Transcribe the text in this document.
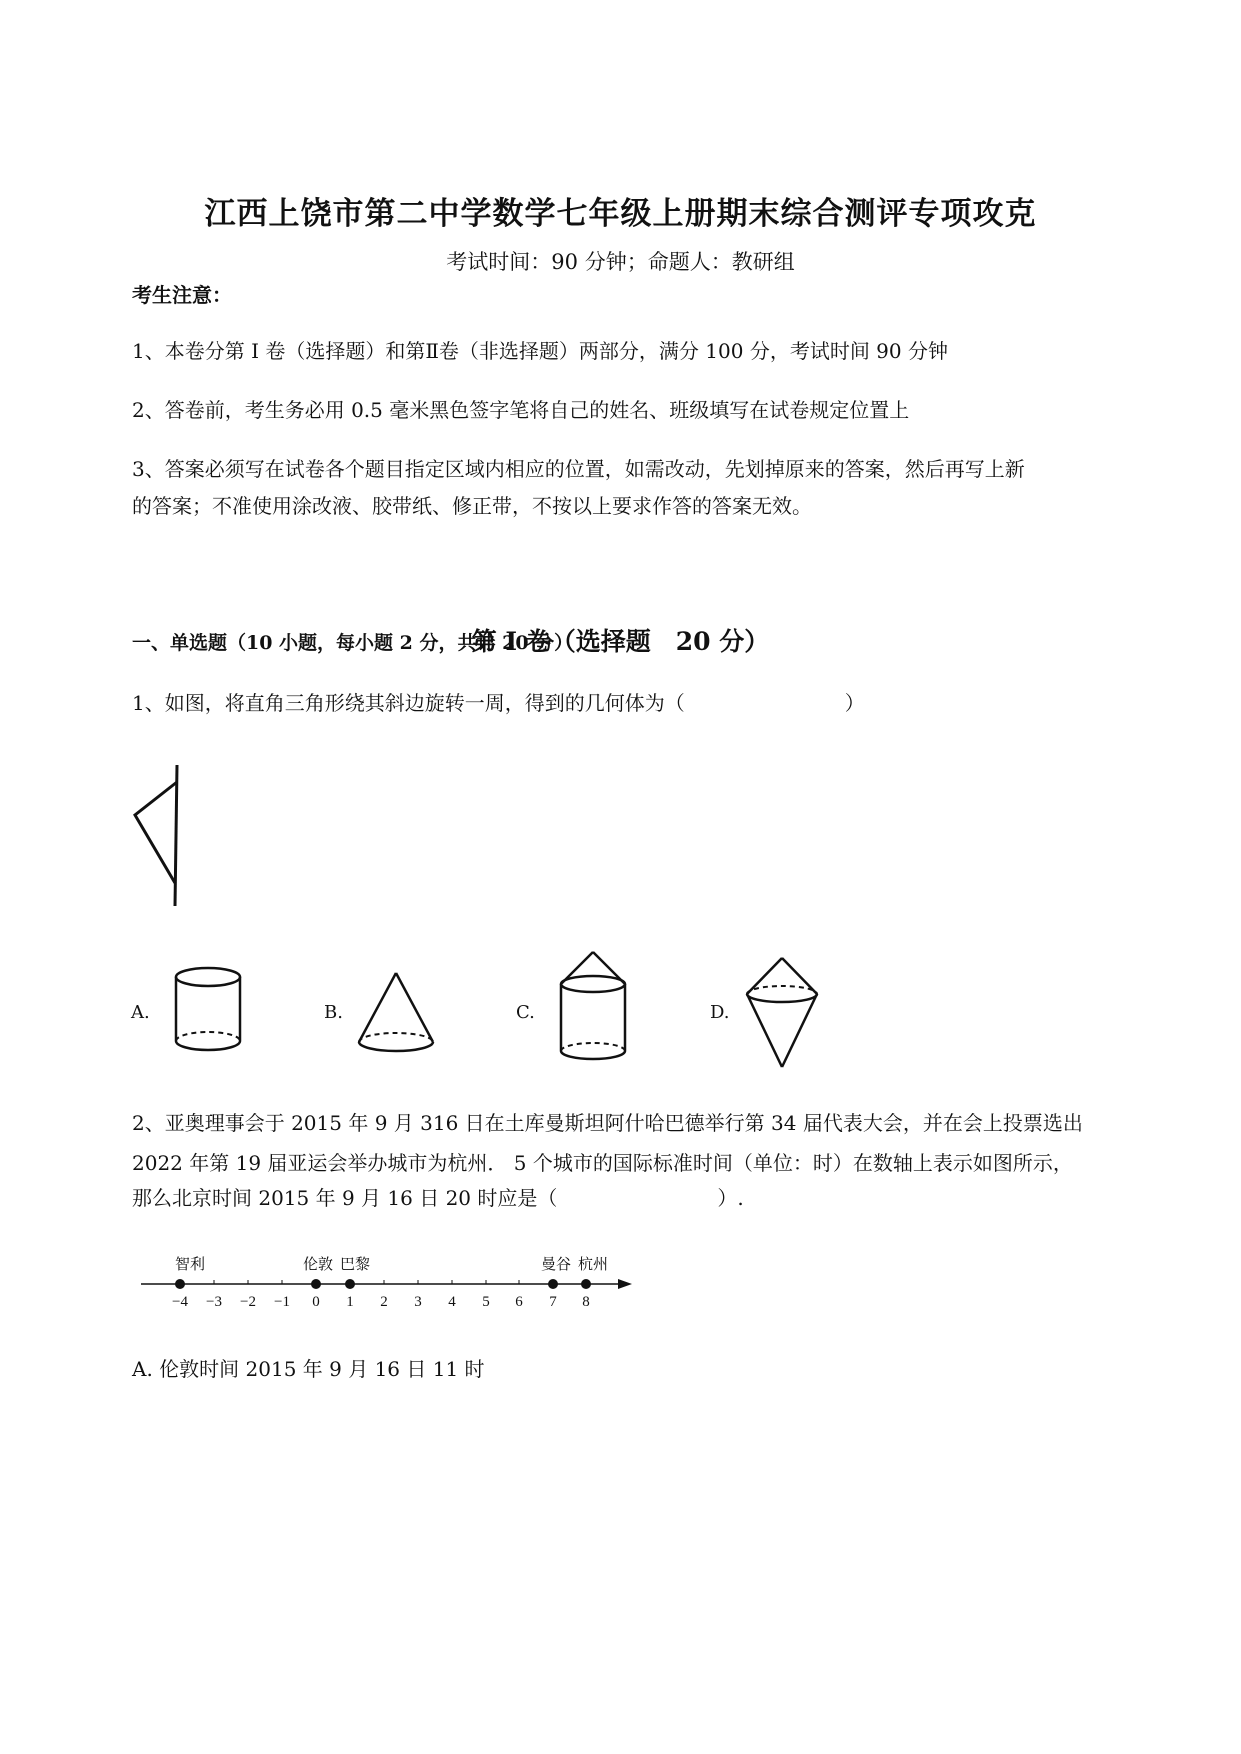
江西上饶市第二中学数学七年级上册期末综合测评专项攻克
考试时间：90 分钟；命题人：教研组
考生注意：
1、本卷分第 I 卷（选择题）和第Ⅱ卷（非选择题）两部分，满分 100 分，考试时间 90 分钟
2、答卷前，考生务必用 0.5 毫米黑色签字笔将自己的姓名、班级填写在试卷规定位置上
3、答案必须写在试卷各个题目指定区域内相应的位置，如需改动，先划掉原来的答案，然后再写上新
的答案；不准使用涂改液、胶带纸、修正带，不按以上要求作答的答案无效。
第 I 卷（选择题　20 分）
一、单选题（10 小题，每小题 2 分，共计 20 分）
1、如图，将直角三角形绕其斜边旋转一周，得到的几何体为（	）
A.	B.	C.	D.
2、亚奥理事会于 2015 年 9 月 316 日在土库曼斯坦阿什哈巴德举行第 34 届代表大会，并在会上投票选出
2022 年第 19 届亚运会举办城市为杭州． 5 个城市的国际标准时间（单位：时）在数轴上表示如图所示，
那么北京时间 2015 年 9 月 16 日 20 时应是（	）.
−4 −3 −2 −1 0 1 2 3 4 5 6 7 8
智利	伦敦 巴黎	曼谷 杭州
A. 伦敦时间 2015 年 9 月 16 日 11 时
